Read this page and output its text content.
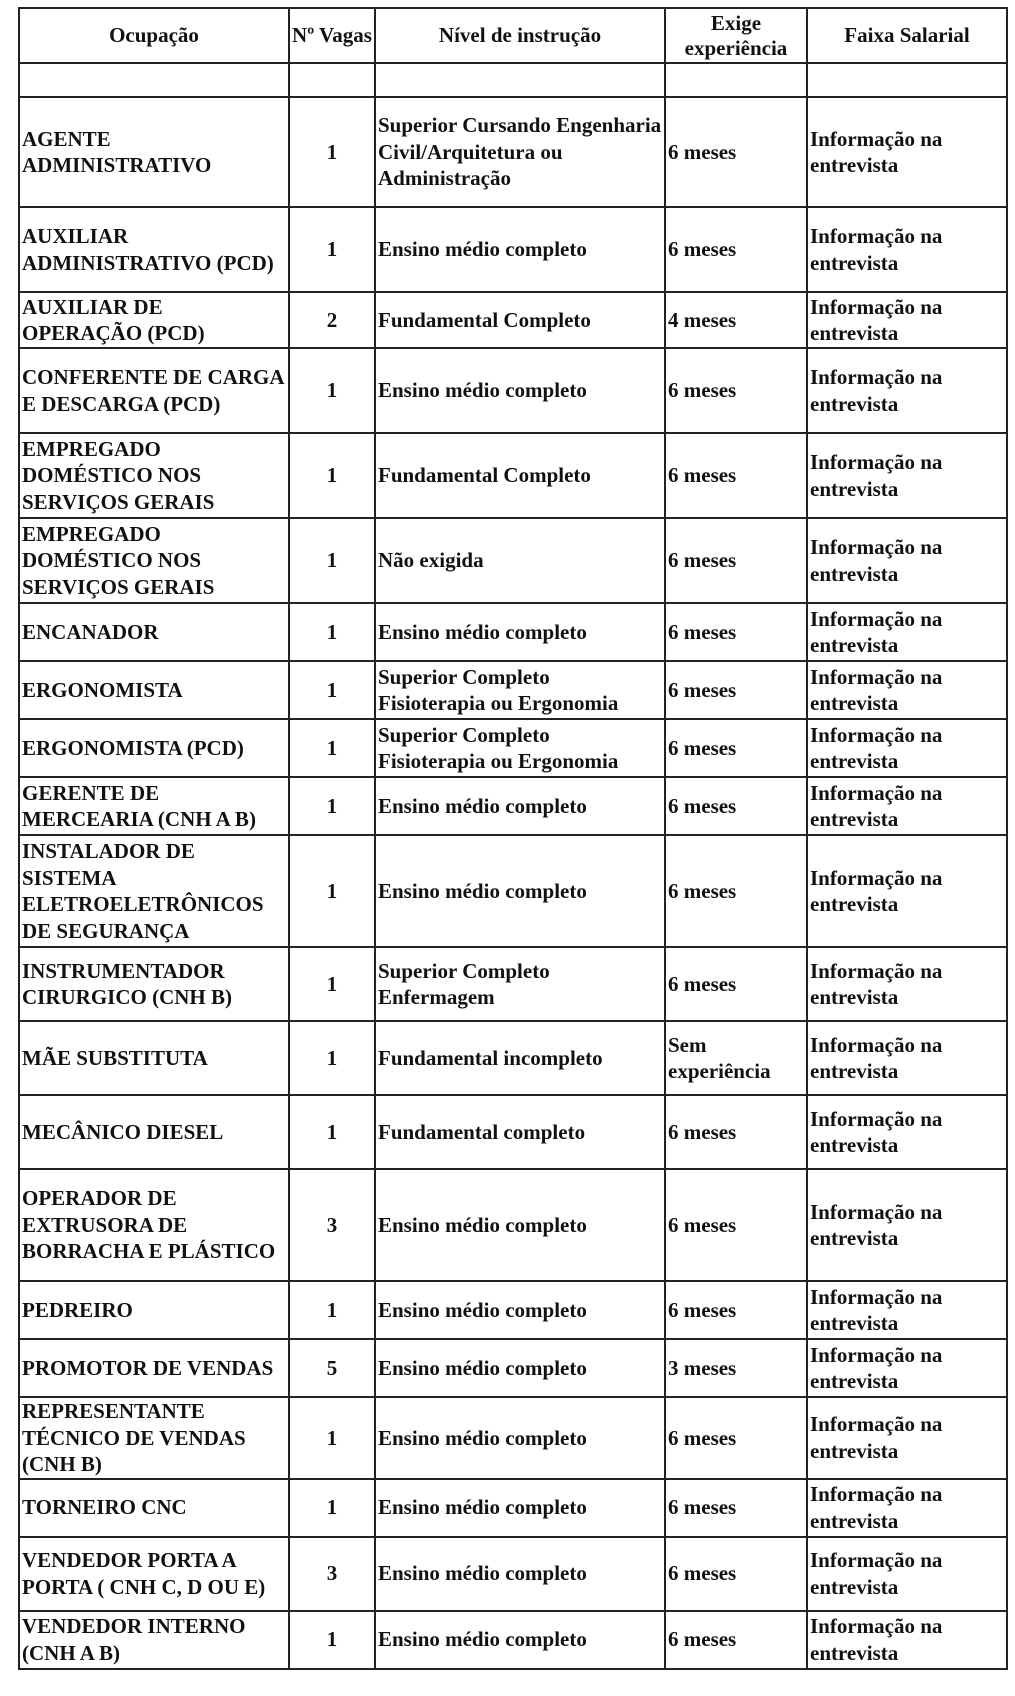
Ocupação	Nº Vagas	Nível de instrução	Exige experiência	Faixa Salarial

AGENTE ADMINISTRATIVO	1	Superior Cursando Engenharia Civil/Arquitetura ou Administração	6 meses	Informação na entrevista
AUXILIAR ADMINISTRATIVO (PCD)	1	Ensino médio completo	6 meses	Informação na entrevista
AUXILIAR DE OPERAÇÃO (PCD)	2	Fundamental Completo	4 meses	Informação na entrevista
CONFERENTE DE CARGA E DESCARGA (PCD)	1	Ensino médio completo	6 meses	Informação na entrevista
EMPREGADO DOMÉSTICO NOS SERVIÇOS GERAIS	1	Fundamental Completo	6 meses	Informação na entrevista
EMPREGADO DOMÉSTICO NOS SERVIÇOS GERAIS	1	Não exigida	6 meses	Informação na entrevista
ENCANADOR	1	Ensino médio completo	6 meses	Informação na entrevista
ERGONOMISTA	1	Superior Completo Fisioterapia ou Ergonomia	6 meses	Informação na entrevista
ERGONOMISTA (PCD)	1	Superior Completo Fisioterapia ou Ergonomia	6 meses	Informação na entrevista
GERENTE DE MERCEARIA (CNH A B)	1	Ensino médio completo	6 meses	Informação na entrevista
INSTALADOR DE SISTEMA ELETROELETRÔNICOS DE SEGURANÇA	1	Ensino médio completo	6 meses	Informação na entrevista
INSTRUMENTADOR CIRURGICO (CNH B)	1	Superior Completo Enfermagem	6 meses	Informação na entrevista
MÃE SUBSTITUTA	1	Fundamental incompleto	Sem experiência	Informação na entrevista
MECÂNICO DIESEL	1	Fundamental completo	6 meses	Informação na entrevista
OPERADOR DE EXTRUSORA DE BORRACHA E PLÁSTICO	3	Ensino médio completo	6 meses	Informação na entrevista
PEDREIRO	1	Ensino médio completo	6 meses	Informação na entrevista
PROMOTOR DE VENDAS	5	Ensino médio completo	3 meses	Informação na entrevista
REPRESENTANTE TÉCNICO DE VENDAS (CNH B)	1	Ensino médio completo	6 meses	Informação na entrevista
TORNEIRO CNC	1	Ensino médio completo	6 meses	Informação na entrevista
VENDEDOR PORTA A PORTA ( CNH C, D OU E)	3	Ensino médio completo	6 meses	Informação na entrevista
VENDEDOR INTERNO (CNH A B)	1	Ensino médio completo	6 meses	Informação na entrevista
